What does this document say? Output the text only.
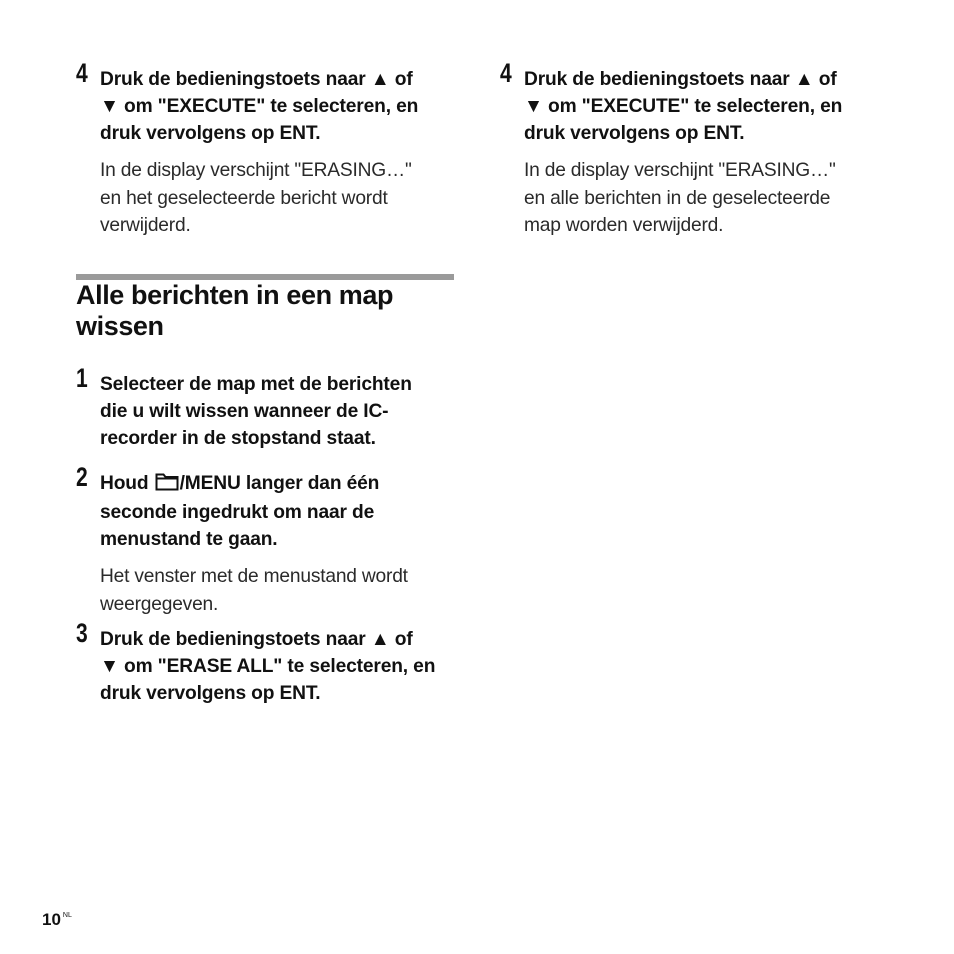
4 Druk de bedieningstoets naar ▲ of
▼ om "EXECUTE" te selecteren, en
druk vervolgens op ENT.
In de display verschijnt "ERASING…"
en het geselecteerde bericht wordt
verwijderd.
Alle berichten in een map
wissen
1 Selecteer de map met de berichten
die u wilt wissen wanneer de IC-
recorder in de stopstand staat.
2 Houd /MENU langer dan één
seconde ingedrukt om naar de
menustand te gaan.
Het venster met de menustand wordt
weergegeven.
3 Druk de bedieningstoets naar ▲ of
▼ om "ERASE ALL" te selecteren, en
druk vervolgens op ENT.
4 Druk de bedieningstoets naar ▲ of
▼ om "EXECUTE" te selecteren, en
druk vervolgens op ENT.
In de display verschijnt "ERASING…"
en alle berichten in de geselecteerde
map worden verwijderd.
10 $^{NL}$
